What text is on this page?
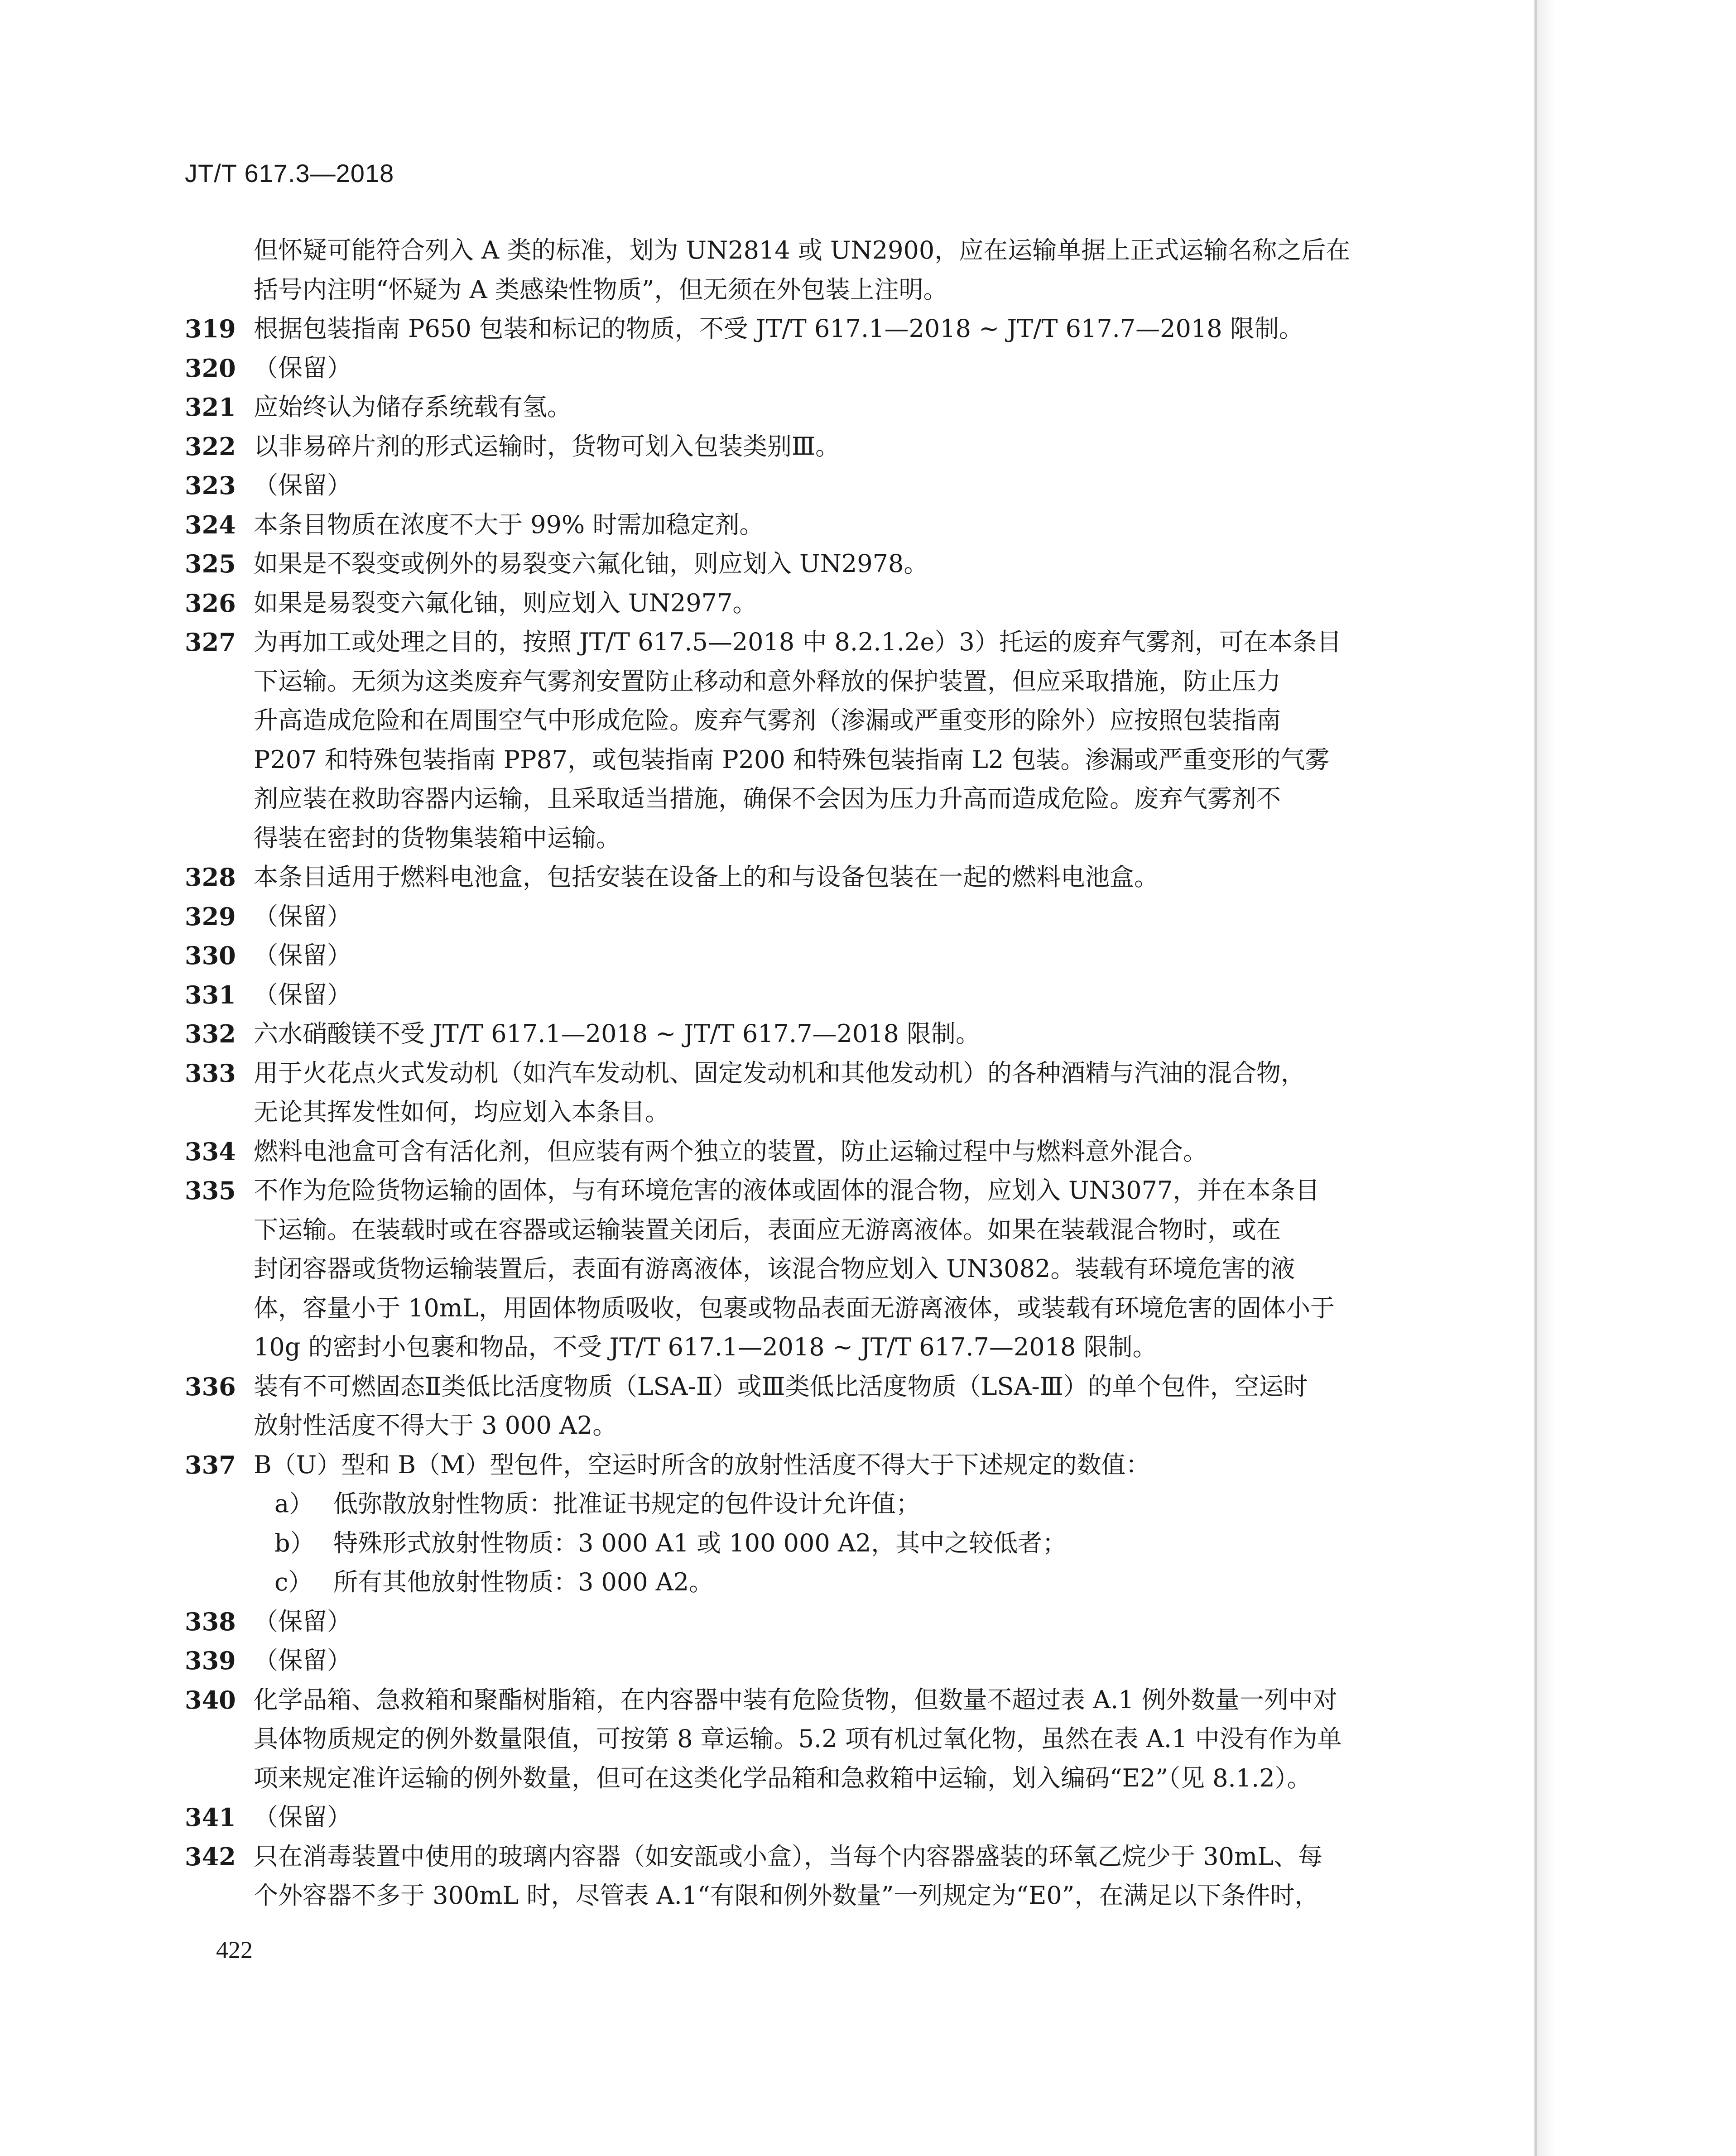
JT/T 617.3—2018
但怀疑可能符合列入 A 类的标准，划为 UN2814 或 UN2900，应在运输单据上正式运输名称之后在
括号内注明“怀疑为 A 类感染性物质”，但无须在外包装上注明。
319 根据包装指南 P650 包装和标记的物质，不受 JT/T 617.1—2018 ~ JT/T 617.7—2018 限制。
320 （保留）
321 应始终认为储存系统载有氢。
322 以非易碎片剂的形式运输时，货物可划入包装类别Ⅲ。
323 （保留）
324 本条目物质在浓度不大于 99% 时需加稳定剂。
325 如果是不裂变或例外的易裂变六氟化铀，则应划入 UN2978。
326 如果是易裂变六氟化铀，则应划入 UN2977。
327 为再加工或处理之目的，按照 JT/T 617.5—2018 中 8.2.1.2e）3）托运的废弃气雾剂，可在本条目
下运输。无须为这类废弃气雾剂安置防止移动和意外释放的保护装置，但应采取措施，防止压力
升高造成危险和在周围空气中形成危险。废弃气雾剂（渗漏或严重变形的除外）应按照包装指南
P207 和特殊包装指南 PP87，或包装指南 P200 和特殊包装指南 L2 包装。渗漏或严重变形的气雾
剂应装在救助容器内运输，且采取适当措施，确保不会因为压力升高而造成危险。废弃气雾剂不
得装在密封的货物集装箱中运输。
328 本条目适用于燃料电池盒，包括安装在设备上的和与设备包装在一起的燃料电池盒。
329 （保留）
330 （保留）
331 （保留）
332 六水硝酸镁不受 JT/T 617.1—2018 ~ JT/T 617.7—2018 限制。
333 用于火花点火式发动机（如汽车发动机、固定发动机和其他发动机）的各种酒精与汽油的混合物，
无论其挥发性如何，均应划入本条目。
334 燃料电池盒可含有活化剂，但应装有两个独立的装置，防止运输过程中与燃料意外混合。
335 不作为危险货物运输的固体，与有环境危害的液体或固体的混合物，应划入 UN3077，并在本条目
下运输。在装载时或在容器或运输装置关闭后，表面应无游离液体。如果在装载混合物时，或在
封闭容器或货物运输装置后，表面有游离液体，该混合物应划入 UN3082。装载有环境危害的液
体，容量小于 10mL，用固体物质吸收，包裹或物品表面无游离液体，或装载有环境危害的固体小于
10g 的密封小包裹和物品，不受 JT/T 617.1—2018 ~ JT/T 617.7—2018 限制。
336 装有不可燃固态Ⅱ类低比活度物质（LSA-Ⅱ）或Ⅲ类低比活度物质（LSA-Ⅲ）的单个包件，空运时
放射性活度不得大于 3 000 A2。
337 B（U）型和 B（M）型包件，空运时所含的放射性活度不得大于下述规定的数值：
a） 低弥散放射性物质：批准证书规定的包件设计允许值；
b） 特殊形式放射性物质：3 000 A1 或 100 000 A2，其中之较低者；
c） 所有其他放射性物质：3 000 A2。
338 （保留）
339 （保留）
340 化学品箱、急救箱和聚酯树脂箱，在内容器中装有危险货物，但数量不超过表 A.1 例外数量一列中对
具体物质规定的例外数量限值，可按第 8 章运输。5.2 项有机过氧化物，虽然在表 A.1 中没有作为单
项来规定准许运输的例外数量，但可在这类化学品箱和急救箱中运输，划入编码“E2”（见 8.1.2）。
341 （保留）
342 只在消毒装置中使用的玻璃内容器（如安瓿或小盒），当每个内容器盛装的环氧乙烷少于 30mL、每
个外容器不多于 300mL 时，尽管表 A.1“有限和例外数量”一列规定为“E0”，在满足以下条件时，
422
